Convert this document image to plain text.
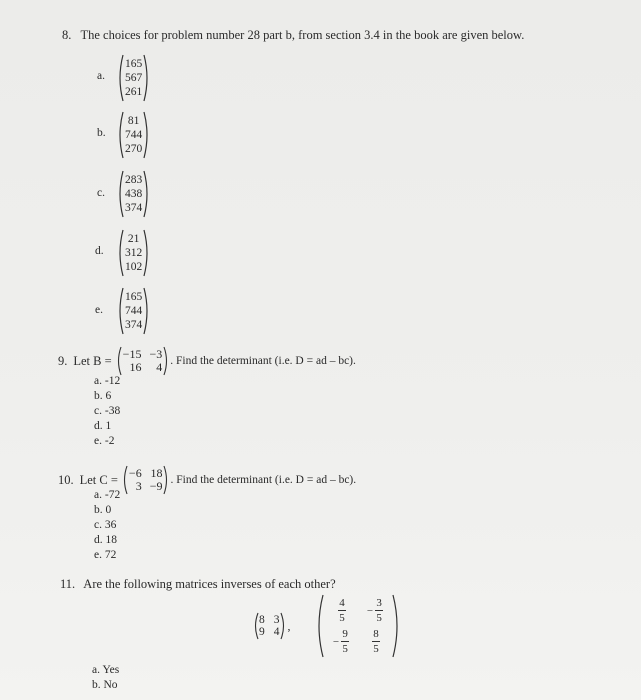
8. The choices for problem number 28 part b, from section 3.4 in the book are given below.
a.
165
567
261
b.
81
744
270
c.
283
438
374
d.
21
312
102
e.
165
744
374
9. Let B = −15 −3
16	4 . Find the determinant (i.e. D = ad – bc).
a. -12
b. 6
c. -38
d. 1
e. -2
10. Let C = −6 18
3 −9 . Find the determinant (i.e. D = ad – bc).
a. -72
b. 0
c. 36
d. 18
e. 72
11. Are the following matrices inverses of each other?
8 3
9 4 ,
$\frac{4}{5} - \frac{3}{5}$
− $\frac{9}{5} \frac{8}{5}$
a. Yes
b. No
